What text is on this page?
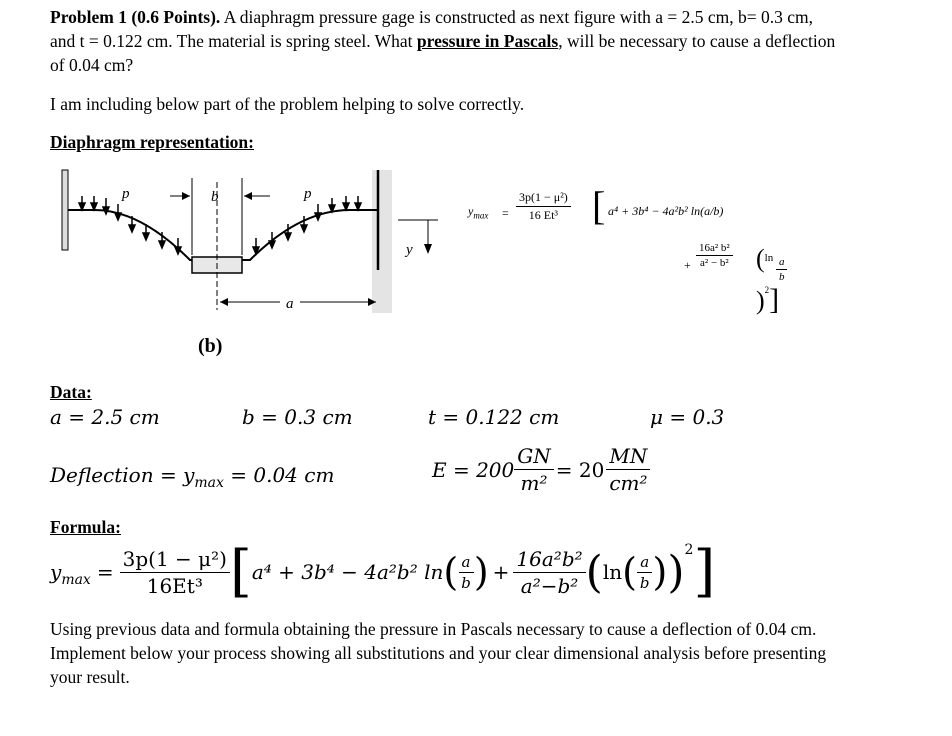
Problem 1 (0.6 Points). A diaphragm pressure gage is constructed as next figure with a = 2.5 cm, b= 0.3 cm,
and t = 0.122 cm. The material is spring steel. What pressure in Pascals, will be necessary to cause a deflection
of 0.04 cm?
I am including below part of the problem helping to solve correctly.
Diaphragm representation:
b
a
p	p
y
(b)
$y_{max} = \frac{\text{3p(1 − μ²)}}{\text{16 Et³}}$ [ a⁴ + 3b⁴ − 4a²b² ln(a/b)
+ $\frac{\text{16a² b²}}{\text{a² − b²}} (\ln \frac{a}{b}$
)$^2$]
Data:
a = 2.5 cm	b = 0.3 cm	t = 0.122 cm	μ = 0.3
Deflection = $y_{max} = 0.04$ cm	$E = 200 \frac{GN}{\text{m²}} = 20 \frac{MN}{\text{cm²}}$
Formula:
$y_{max} = \frac{\text{3p(1 − μ²)}}{\text{16Et³}}$ [ a⁴ + 3b⁴ − 4a²b² ln ( $\frac{a}{b}$ ) + $\frac{\text{16a²b²}}{\text{a²−b²}}$ ( ln ( $\frac{a}{b}$ ) )$^2$ ]
Using previous data and formula obtaining the pressure in Pascals necessary to cause a deflection of 0.04 cm.
Implement below your process showing all substitutions and your clear dimensional analysis before presenting
your result.
